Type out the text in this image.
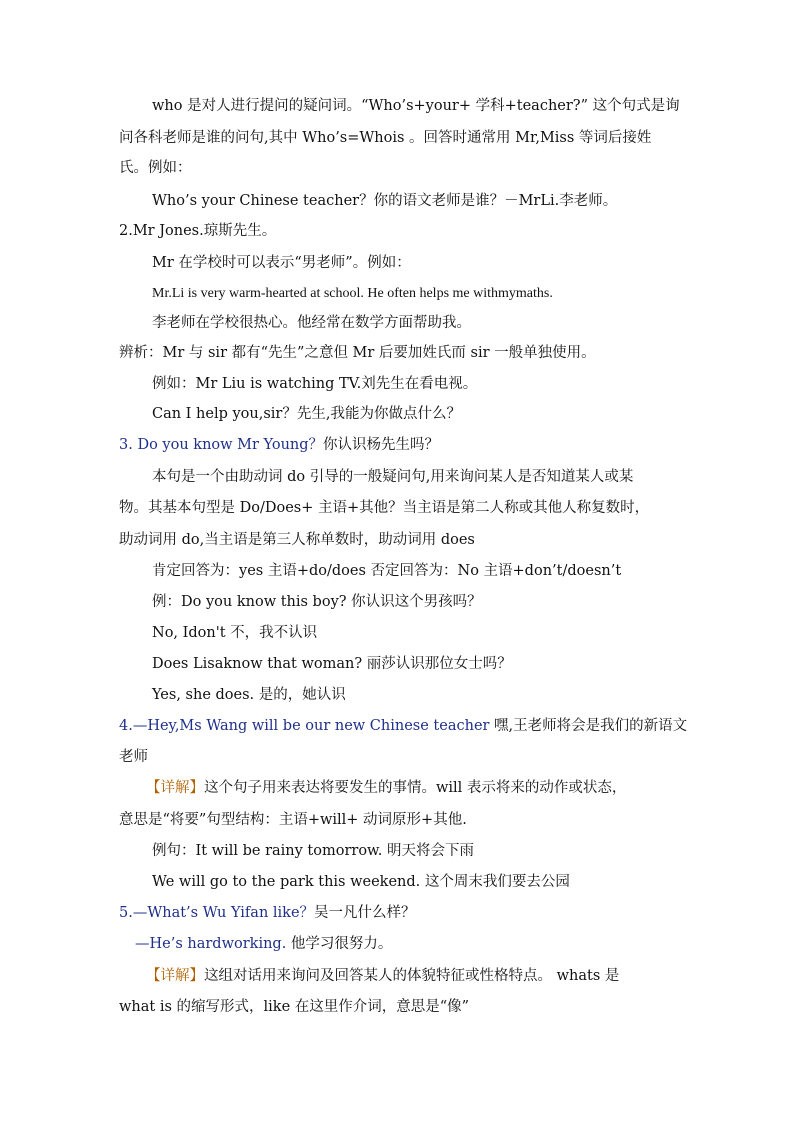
who 是对人进行提问的疑问词。“Who’s+your+ 学科+teacher?” 这个句式是询
问各科老师是谁的问句,其中 Who’s=Whois 。回答时通常用 Mr,Miss 等词后接姓
氏。例如：
Who’s your Chinese teacher？你的语文老师是谁？－MrLi.李老师。
2.Mr Jones.琼斯先生。
Mr 在学校时可以表示“男老师”。例如：
Mr.Li is very warm-hearted at school. He often helps me withmymaths.
李老师在学校很热心。他经常在数学方面帮助我。
辨析：Mr 与 sir 都有“先生”之意但 Mr 后要加姓氏而 sir 一般单独使用。
例如：Mr Liu is watching TV.刘先生在看电视。
Can I help you,sir？先生,我能为你做点什么？
3. Do you know Mr Young？你认识杨先生吗？
本句是一个由助动词 do 引导的一般疑问句,用来询问某人是否知道某人或某
物。其基本句型是 Do/Does+ 主语+其他？当主语是第二人称或其他人称复数时，
助动词用 do,当主语是第三人称单数时，助动词用 does
肯定回答为：yes 主语+do/does 否定回答为：No 主语+don’t/doesn’t
例：Do you know this boy? 你认识这个男孩吗？
No, Idon't 不，我不认识
Does Lisaknow that woman? 丽莎认识那位女士吗？
Yes, she does. 是的，她认识
4.—Hey,Ms Wang will be our new Chinese teacher 嘿,王老师将会是我们的新语文
老师
【详解】这个句子用来表达将要发生的事情。will 表示将来的动作或状态，
意思是“将要”句型结构：主语+will+ 动词原形+其他.
例句：It will be rainy tomorrow. 明天将会下雨
We will go to the park this weekend. 这个周末我们要去公园
5.—What’s Wu Yifan like？吴一凡什么样？
—He’s hardworking. 他学习很努力。
【详解】这组对话用来询问及回答某人的体貌特征或性格特点。 whats 是
what is 的缩写形式，like 在这里作介词，意思是“像”
